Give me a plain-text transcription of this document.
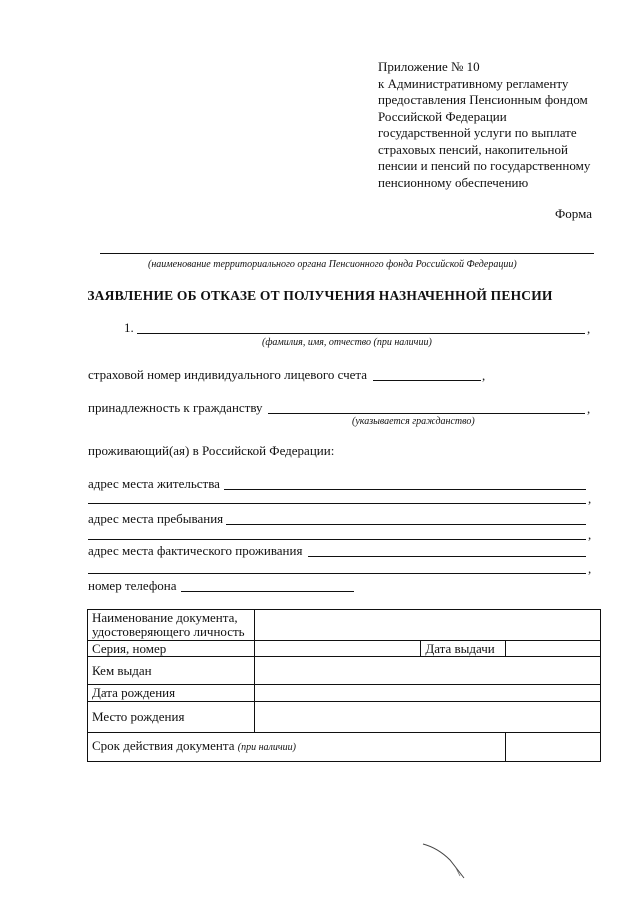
Приложение № 10
к Административному регламенту
предоставления Пенсионным фондом
Российской Федерации
государственной услуги по выплате
страховых пенсий, накопительной
пенсии и пенсий по государственному
пенсионному обеспечению
Форма
(наименование территориального органа Пенсионного фонда Российской Федерации)
ЗАЯВЛЕНИЕ ОБ ОТКАЗЕ ОТ ПОЛУЧЕНИЯ НАЗНАЧЕННОЙ ПЕНСИИ
1.	,
(фамилия, имя, отчество (при наличии)
страховой номер индивидуального лицевого счета	,
принадлежность к гражданству	,
(указывается гражданство)
проживающий(ая) в Российской Федерации:
адрес места жительства
,
адрес места пребывания
,
адрес места фактического проживания
,
номер телефона
Наименование документа, удостоверяющего личность			
Серия, номер		Дата выдачи	
Кем выдан			
Дата рождения			
Место рождения			
Срок действия документа (при наличии)			
